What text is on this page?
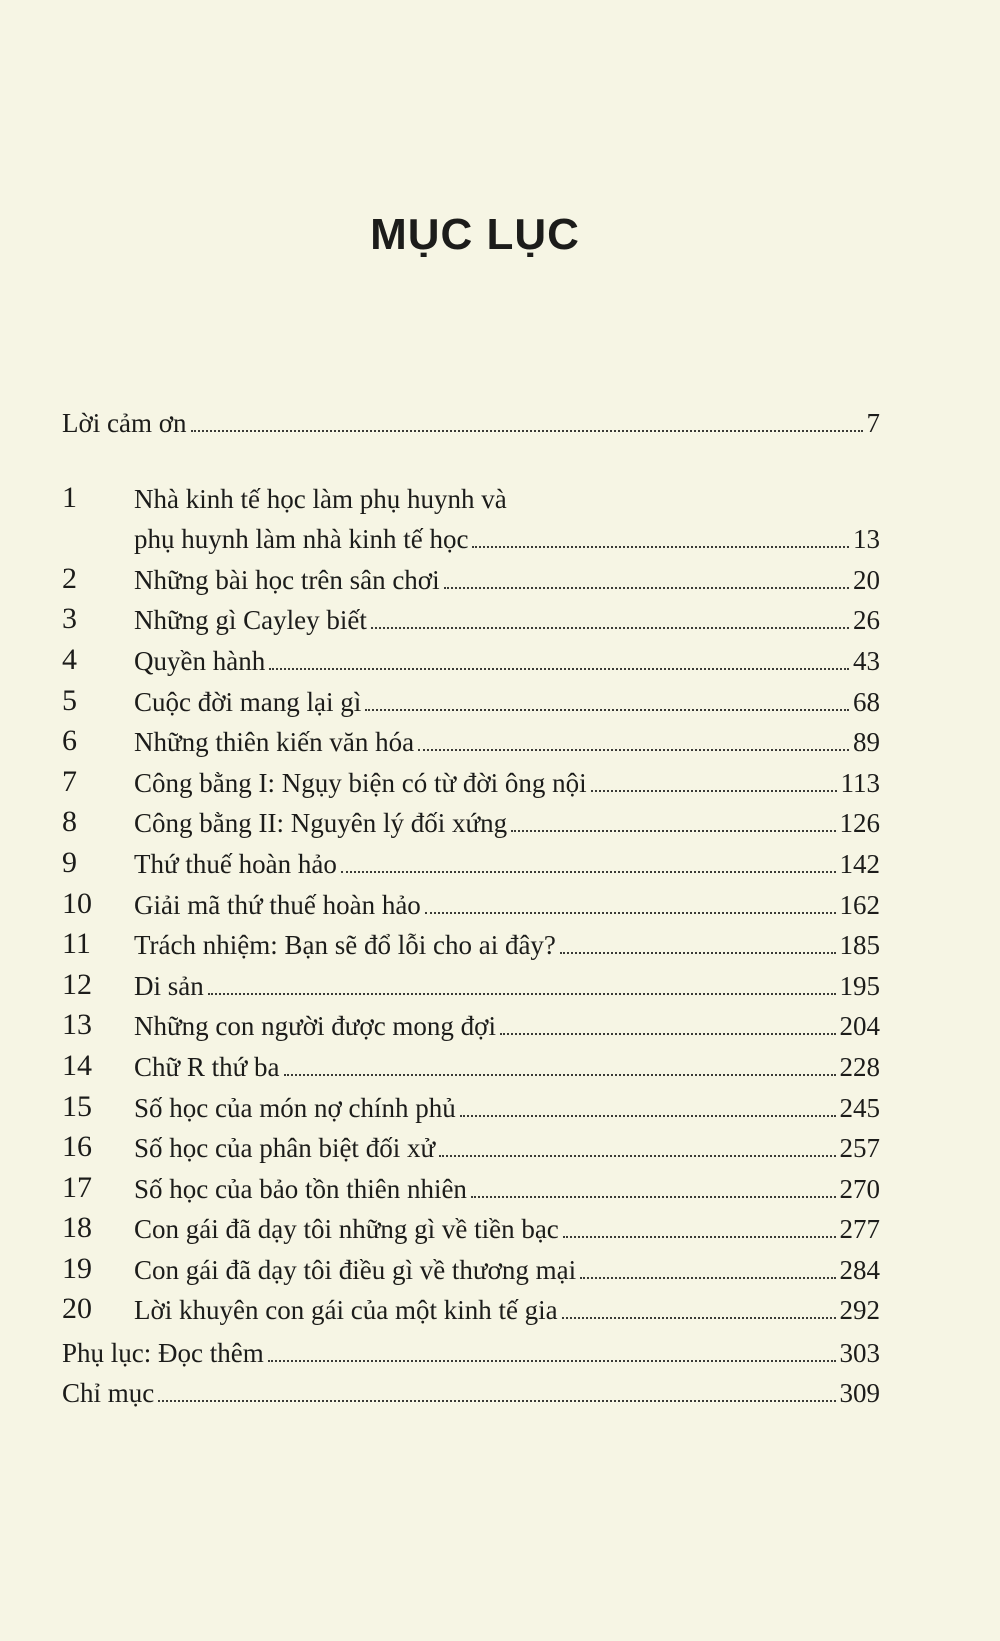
MỤC LỤC
Lời cảm ơn	7
1	Nhà kinh tế học làm phụ huynh và
phụ huynh làm nhà kinh tế học	13
2	Những bài học trên sân chơi	20
3	Những gì Cayley biết	26
4	Quyền hành	43
5	Cuộc đời mang lại gì	68
6	Những thiên kiến văn hóa	89
7	Công bằng I: Ngụy biện có từ đời ông nội	113
8	Công bằng II: Nguyên lý đối xứng	126
9	Thứ thuế hoàn hảo	142
10	Giải mã thứ thuế hoàn hảo	162
11	Trách nhiệm: Bạn sẽ đổ lỗi cho ai đây?	185
12	Di sản	195
13	Những con người được mong đợi	204
14	Chữ R thứ ba	228
15	Số học của món nợ chính phủ	245
16	Số học của phân biệt đối xử	257
17	Số học của bảo tồn thiên nhiên	270
18	Con gái đã dạy tôi những gì về tiền bạc	277
19	Con gái đã dạy tôi điều gì về thương mại	284
20	Lời khuyên con gái của một kinh tế gia	292
Phụ lục: Đọc thêm	303
Chỉ mục	309
